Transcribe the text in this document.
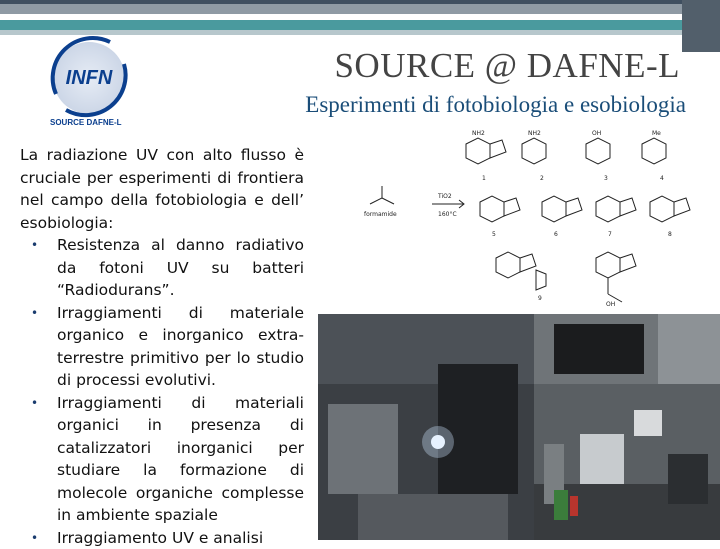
INFN
SOURCE DAFNE-L
SOURCE @ DAFNE-L
Esperimenti di fotobiologia e esobiologia

La radiazione UV con alto flusso è cruciale per esperimenti di frontiera nel campo della fotobiologia e dell’ esobiologia:

• Resistenza al danno radiativo da fotoni UV su batteri “Radiodurans”.
• Irraggiamenti di materiale organico e inorganico extra-terrestre primitivo per lo studio di processi evolutivi.
• Irraggiamenti di materiali organici in presenza di catalizzatori inorganici per studiare la formazione di molecole organiche complesse in ambiente spaziale
• Irraggiamento UV e analisi
formamide
TiO2
160°C
NH2	NH2	OH	Me
OH
1	2	3	4
5	6	7	8
9
